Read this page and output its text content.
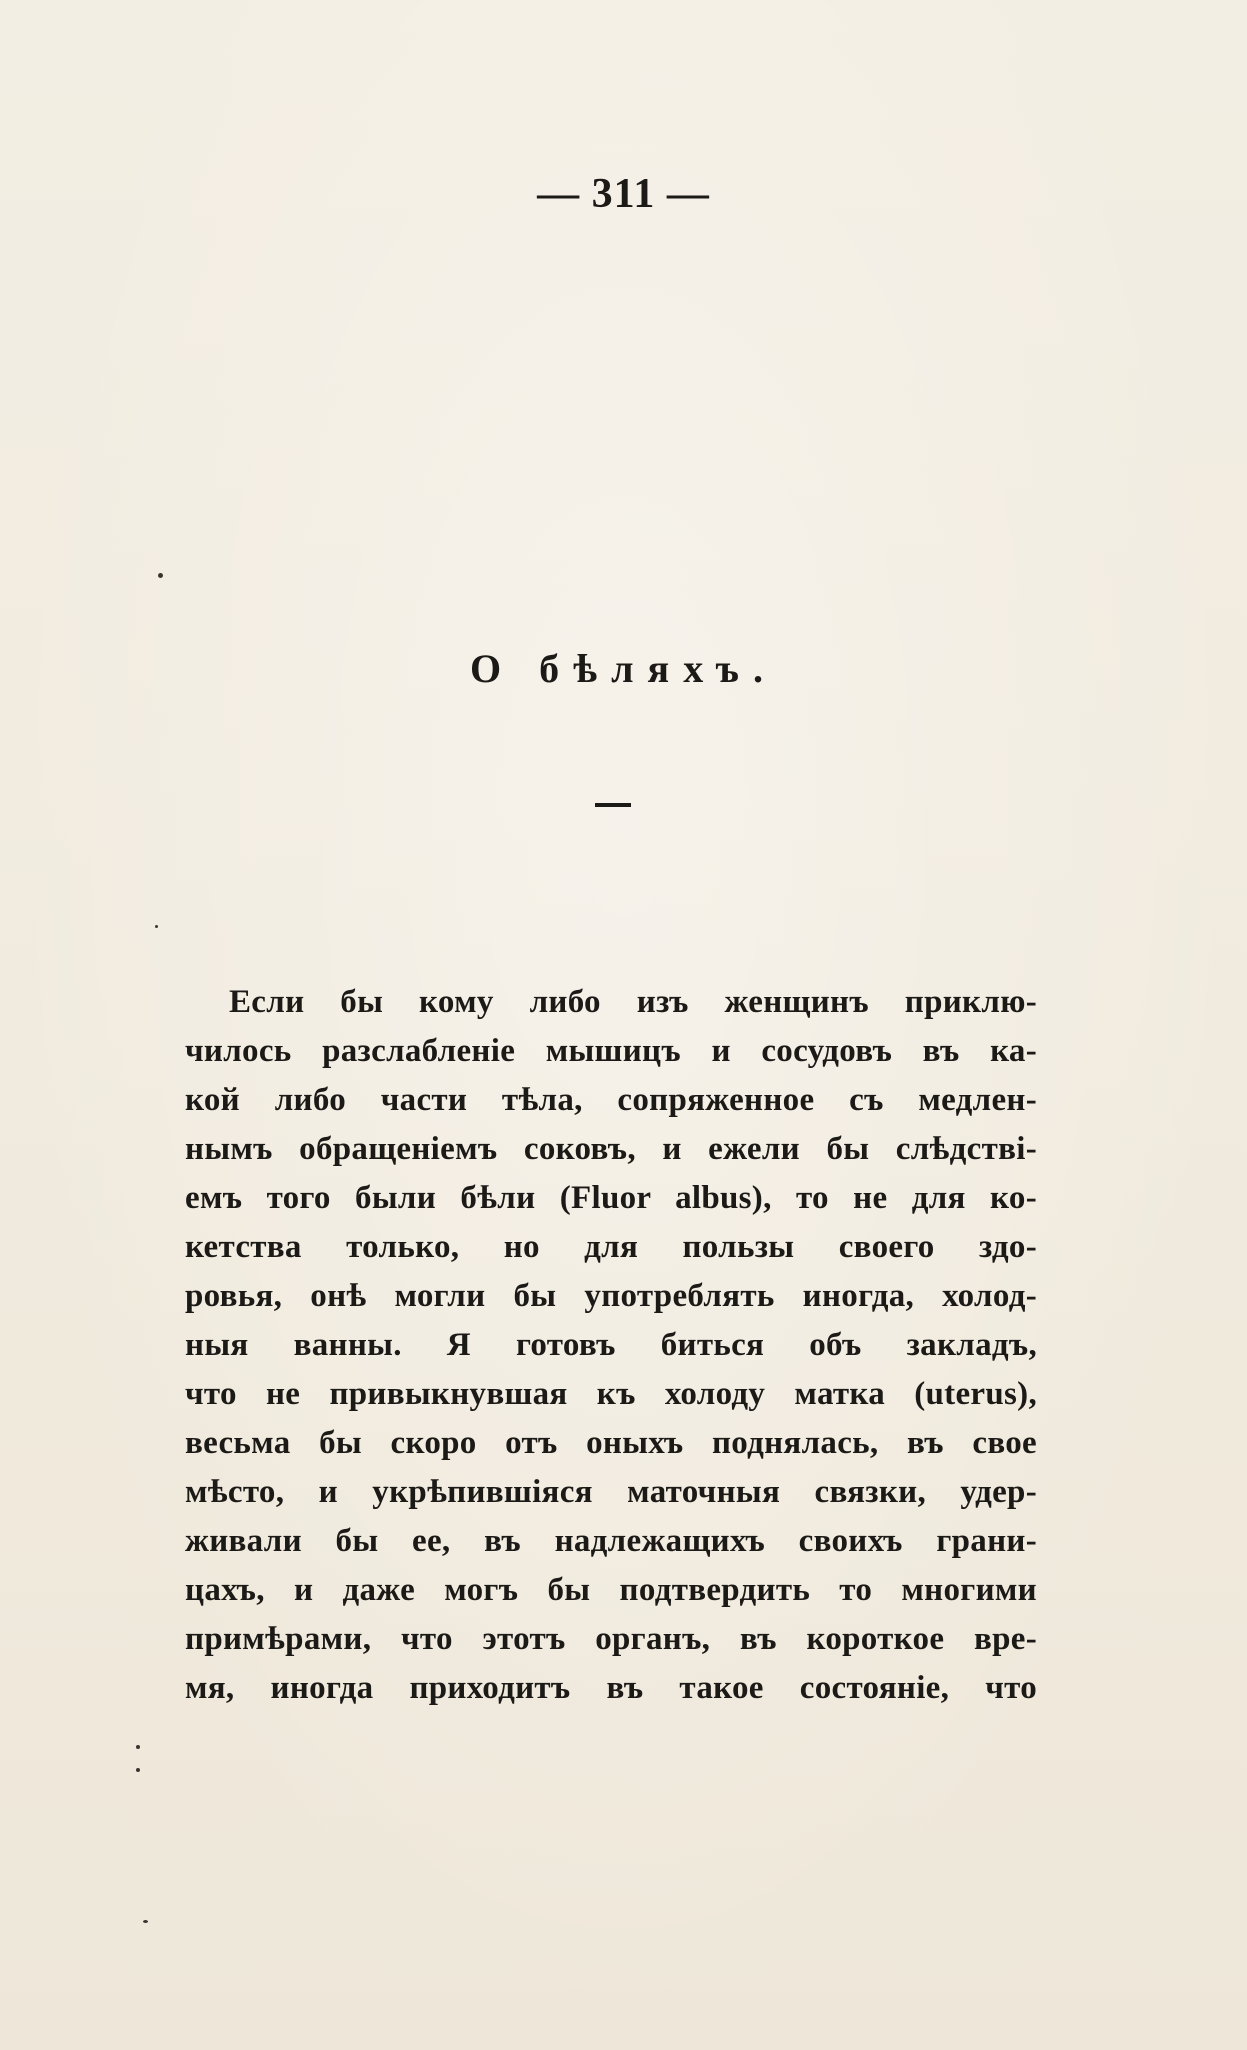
— 311 —
О бѣляхъ.
Если бы кому либо изъ женщинъ приклю-
чилось разслабленіе мышицъ и сосудовъ въ ка-
кой либо части тѣла, сопряженное съ медлен-
нымъ обращеніемъ соковъ, и ежели бы слѣдстві-
емъ того были бѣли (Fluor albus), то не для ко-
кетства только, но для пользы своего здо-
ровья, онѣ могли бы употреблять иногда, холод-
ныя ванны. Я готовъ биться объ закладъ,
что не привыкнувшая къ холоду матка (uterus),
весьма бы скоро отъ оныхъ поднялась, въ свое
мѣсто, и укрѣпившіяся маточныя связки, удер-
живали бы ее, въ надлежащихъ своихъ грани-
цахъ, и даже могъ бы подтвердить то многими
примѣрами, что этотъ органъ, въ короткое вре-
мя, иногда приходитъ въ такое состояніе, что
